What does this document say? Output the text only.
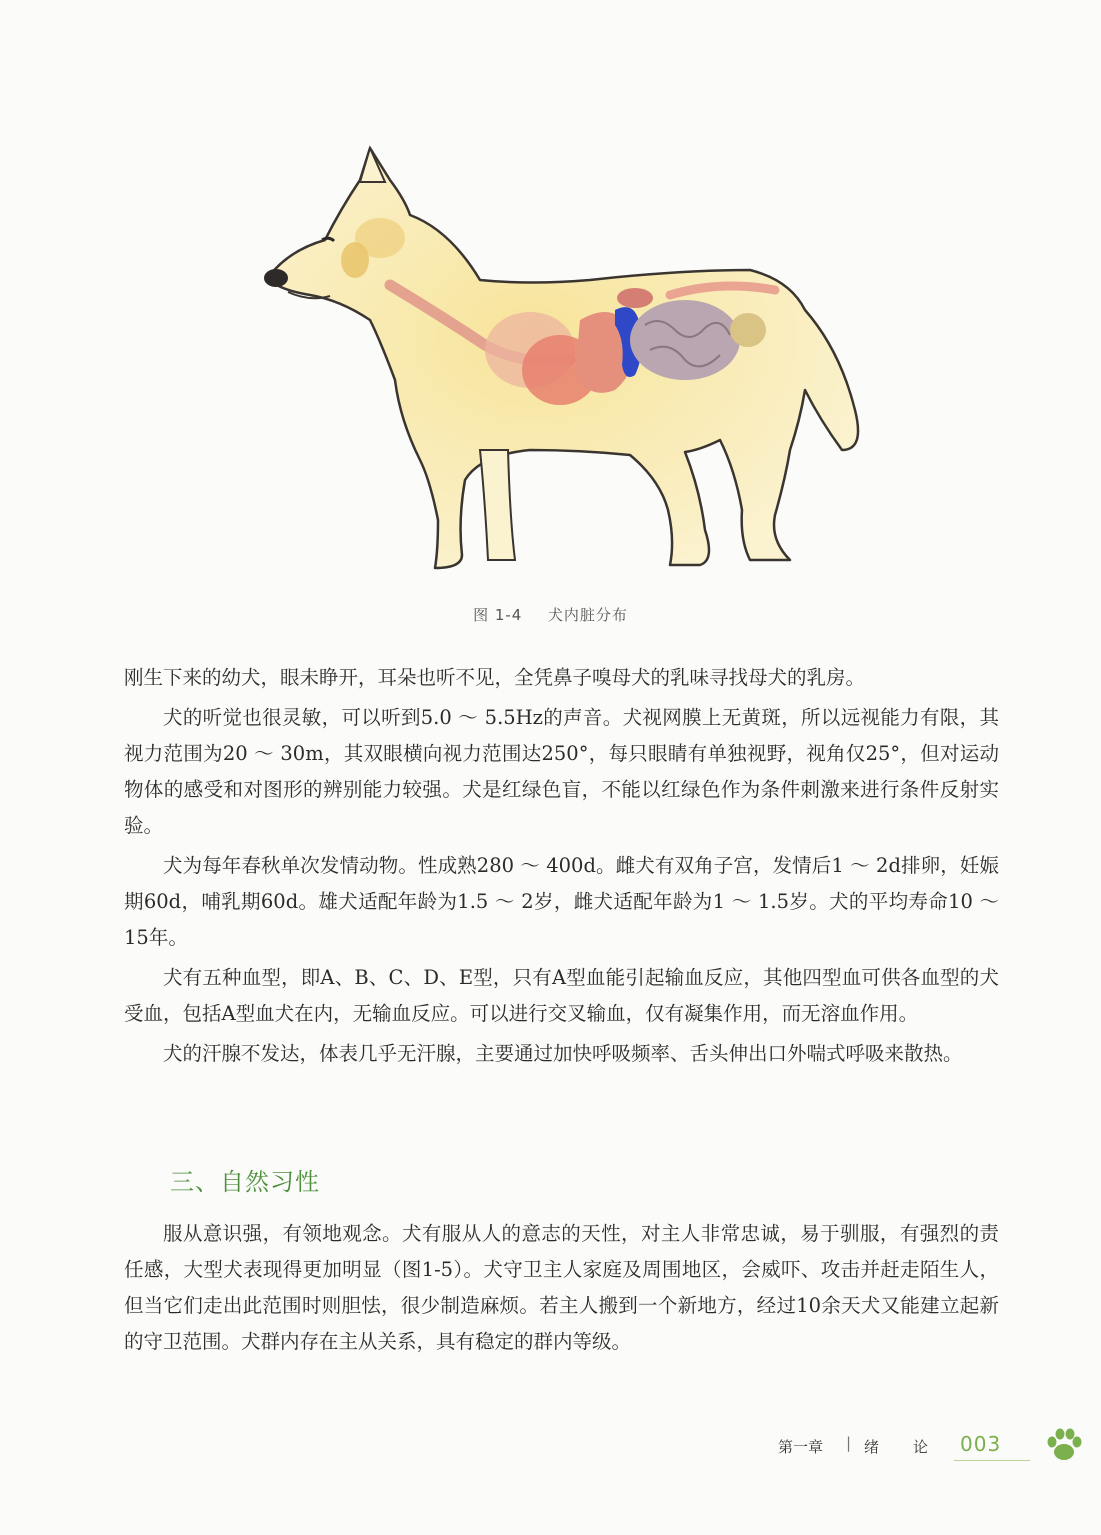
图 1-4 犬内脏分布

刚生下来的幼犬，眼未睁开，耳朵也听不见，全凭鼻子嗅母犬的乳味寻找母犬的乳房。

犬的听觉也很灵敏，可以听到5.0 ～ 5.5Hz的声音。犬视网膜上无黄斑，所以远视能力有限，其视力范围为20 ～ 30m，其双眼横向视力范围达250°，每只眼睛有单独视野，视角仅25°，但对运动物体的感受和对图形的辨别能力较强。犬是红绿色盲，不能以红绿色作为条件刺激来进行条件反射实验。

犬为每年春秋单次发情动物。性成熟280 ～ 400d。雌犬有双角子宫，发情后1 ～ 2d排卵，妊娠期60d，哺乳期60d。雄犬适配年龄为1.5 ～ 2岁，雌犬适配年龄为1 ～ 1.5岁。犬的平均寿命10 ～ 15年。

犬有五种血型，即A、B、C、D、E型，只有A型血能引起输血反应，其他四型血可供各血型的犬受血，包括A型血犬在内，无输血反应。可以进行交叉输血，仅有凝集作用，而无溶血作用。

犬的汗腺不发达，体表几乎无汗腺，主要通过加快呼吸频率、舌头伸出口外喘式呼吸来散热。

三、自然习性

服从意识强，有领地观念。犬有服从人的意志的天性，对主人非常忠诚，易于驯服，有强烈的责任感，大型犬表现得更加明显（图1-5）。犬守卫主人家庭及周围地区，会威吓、攻击并赶走陌生人，但当它们走出此范围时则胆怯，很少制造麻烦。若主人搬到一个新地方，经过10余天犬又能建立起新的守卫范围。犬群内存在主从关系，具有稳定的群内等级。

第一章 | 绪论
003
